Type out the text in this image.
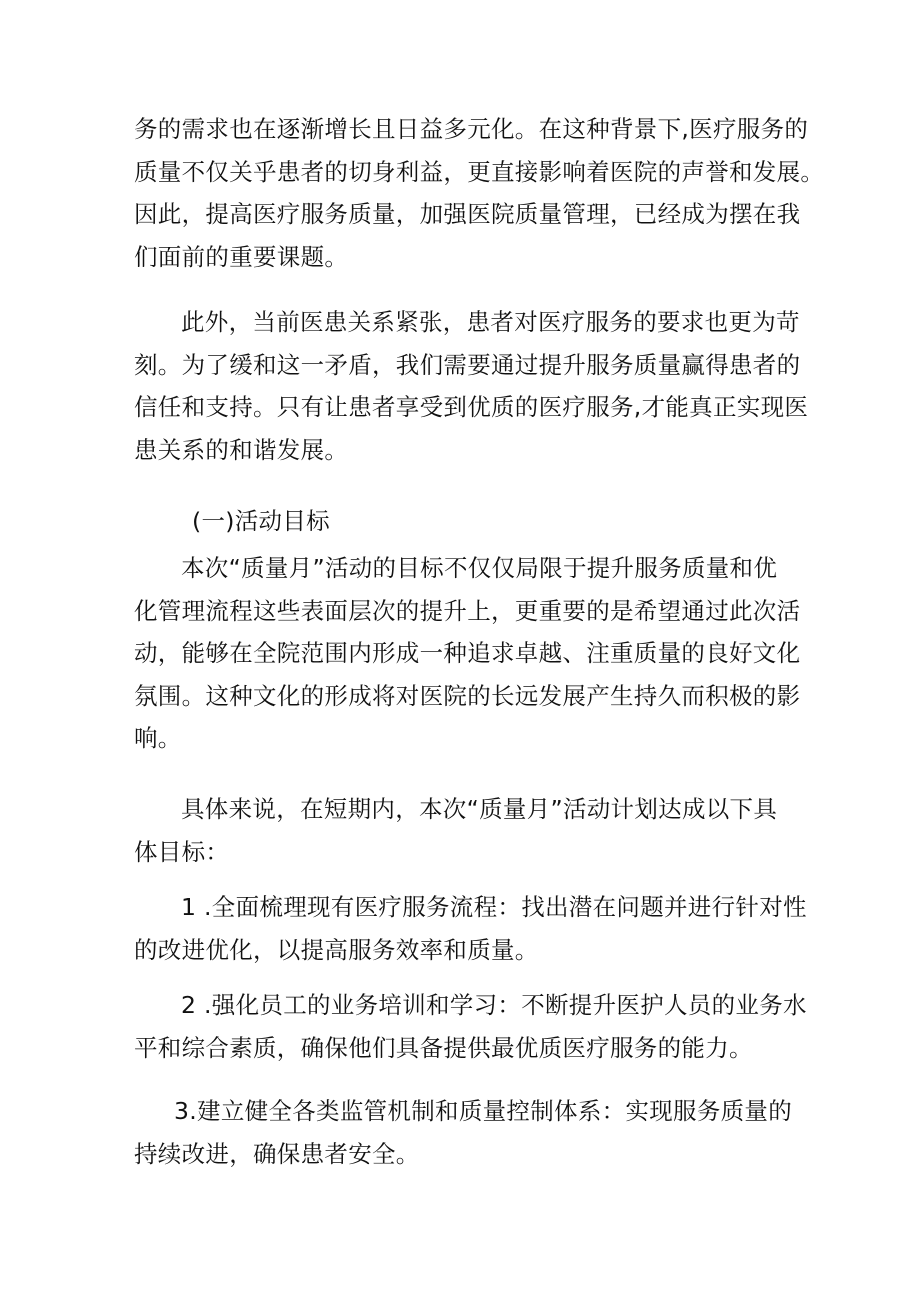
务的需求也在逐渐增长且日益多元化。在这种背景下,医疗服务的
质量不仅关乎患者的切身利益，更直接影响着医院的声誉和发展。
因此，提高医疗服务质量，加强医院质量管理，已经成为摆在我
们面前的重要课题。
此外，当前医患关系紧张，患者对医疗服务的要求也更为苛
刻。为了缓和这一矛盾，我们需要通过提升服务质量赢得患者的
信任和支持。只有让患者享受到优质的医疗服务,才能真正实现医
患关系的和谐发展。
(一)活动目标
本次“质量月”活动的目标不仅仅局限于提升服务质量和优
化管理流程这些表面层次的提升上，更重要的是希望通过此次活
动，能够在全院范围内形成一种追求卓越、注重质量的良好文化
氛围。这种文化的形成将对医院的长远发展产生持久而积极的影
响。
具体来说，在短期内，本次“质量月”活动计划达成以下具
体目标：
1 .全面梳理现有医疗服务流程：找出潜在问题并进行针对性
的改进优化，以提高服务效率和质量。
2 .强化员工的业务培训和学习：不断提升医护人员的业务水
平和综合素质，确保他们具备提供最优质医疗服务的能力。
3.建立健全各类监管机制和质量控制体系：实现服务质量的
持续改进，确保患者安全。
